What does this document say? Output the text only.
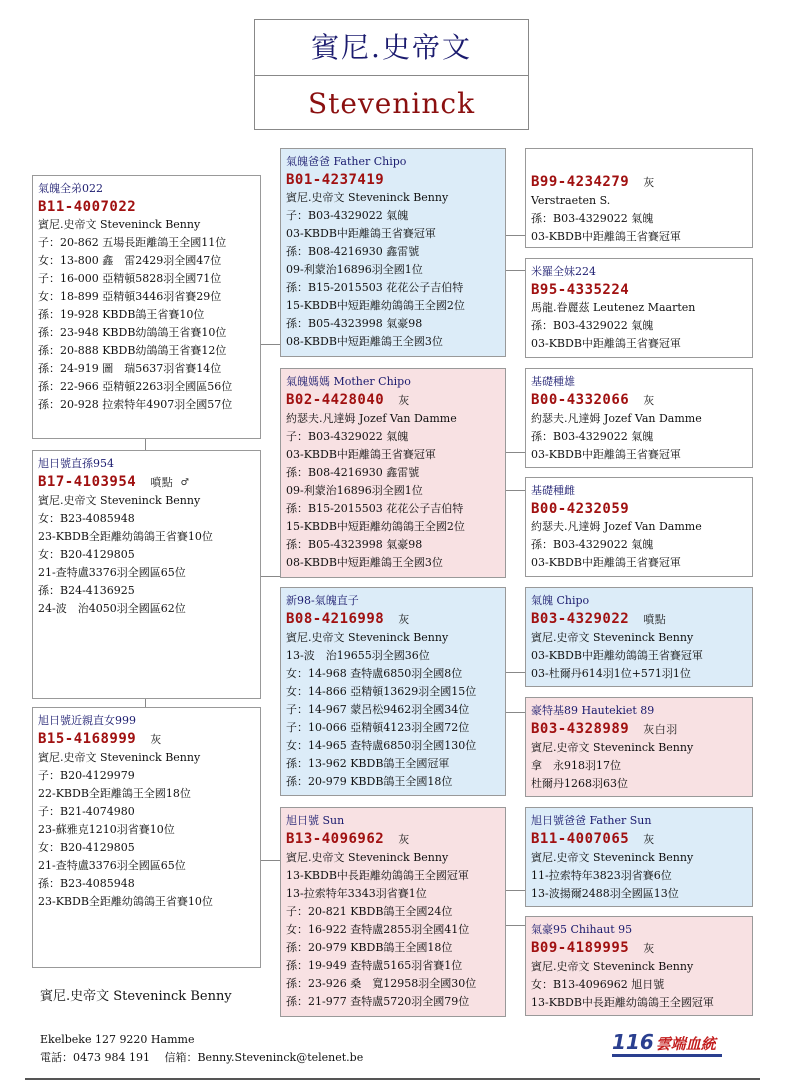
賓尼.史帝文
Steveninck
氣魄全弟022
B11-4007022
賓尼.史帝文 Steveninck Benny
子：20-862 五場長距離鴿王全國11位
女：13-800 鑫　雷2429羽全國47位
子：16-000 亞精頓5828羽全國71位
女：18-899 亞精頓3446羽省賽29位
孫：19-928 KBDB鴿王省賽10位
孫：23-948 KBDB幼鴿鴿王省賽10位
孫：20-888 KBDB幼鴿鴿王省賽12位
孫：24-919 圖　瑞5637羽省賽14位
孫：22-966 亞精頓2263羽全國區56位
孫：20-928 拉索特年4907羽全國57位
旭日號直孫954
B17-4103954 噴點 ♂
賓尼.史帝文 Steveninck Benny
女：B23-4085948
23-KBDB全距離幼鴿鴿王省賽10位
女：B20-4129805
21-查特盧3376羽全國區65位
孫：B24-4136925
24-波　治4050羽全國區62位
旭日號近親直女999
B15-4168999 灰
賓尼.史帝文 Steveninck Benny
子：B20-4129979
22-KBDB全距離鴿王全國18位
子：B21-4074980
23-蘇雅克1210羽省賽10位
女：B20-4129805
21-查特盧3376羽全國區65位
孫：B23-4085948
23-KBDB全距離幼鴿鴿王省賽10位
氣魄爸爸 Father Chipo
B01-4237419
賓尼.史帝文 Steveninck Benny
子：B03-4329022 氣魄
03-KBDB中距離鴿王省賽冠軍
孫：B08-4216930 鑫雷號
09-利蒙治16896羽全國1位
孫：B15-2015503 花花公子吉伯特
15-KBDB中短距離幼鴿鴿王全國2位
孫：B05-4323998 氣豪98
08-KBDB中短距離鴿王全國3位
氣魄媽媽 Mother Chipo
B02-4428040 灰
約瑟夫.凡達姆 Jozef Van Damme
子：B03-4329022 氣魄
03-KBDB中距離鴿王省賽冠軍
孫：B08-4216930 鑫雷號
09-利蒙治16896羽全國1位
孫：B15-2015503 花花公子吉伯特
15-KBDB中短距離幼鴿鴿王全國2位
孫：B05-4323998 氣豪98
08-KBDB中短距離鴿王全國3位
新98-氣魄直子
B08-4216998 灰
賓尼.史帝文 Steveninck Benny
13-波　治19655羽全國36位
女：14-968 查特盧6850羽全國8位
女：14-866 亞精頓13629羽全國15位
子：14-967 蒙呂松9462羽全國34位
子：10-066 亞精頓4123羽全國72位
女：14-965 查特盧6850羽全國130位
孫：13-962 KBDB鴿王全國冠軍
孫：20-979 KBDB鴿王全國18位
旭日號 Sun
B13-4096962 灰
賓尼.史帝文 Steveninck Benny
13-KBDB中長距離幼鴿鴿王全國冠軍
13-拉索特年3343羽省賽1位
子：20-821 KBDB鴿王全國24位
女：16-922 查特盧2855羽全國41位
孫：20-979 KBDB鴿王全國18位
孫：19-949 查特盧5165羽省賽1位
孫：23-926 桑　寬12958羽全國30位
孫：21-977 查特盧5720羽全國79位
B99-4234279 灰
Verstraeten S.
孫：B03-4329022 氣魄
03-KBDB中距離鴿王省賽冠軍
米羅全妹224
B95-4335224
馬龍.眷麗茲 Leutenez Maarten
孫：B03-4329022 氣魄
03-KBDB中距離鴿王省賽冠軍
基礎種雄
B00-4332066 灰
約瑟夫.凡達姆 Jozef Van Damme
孫：B03-4329022 氣魄
03-KBDB中距離鴿王省賽冠軍
基礎種雌
B00-4232059
約瑟夫.凡達姆 Jozef Van Damme
孫：B03-4329022 氣魄
03-KBDB中距離鴿王省賽冠軍
氣魄 Chipo
B03-4329022 噴點
賓尼.史帝文 Steveninck Benny
03-KBDB中距離幼鴿鴿王省賽冠軍
03-杜爾丹614羽1位+571羽1位
豪特基89 Hautekiet 89
B03-4328989 灰白羽
賓尼.史帝文 Steveninck Benny
拿　永918羽17位
杜爾丹1268羽63位
旭日號爸爸 Father Sun
B11-4007065 灰
賓尼.史帝文 Steveninck Benny
11-拉索特年3823羽省賽6位
13-波揚爾2488羽全國區13位
氣豪95 Chihaut 95
B09-4189995 灰
賓尼.史帝文 Steveninck Benny
女：B13-4096962 旭日號
13-KBDB中長距離幼鴿鴿王全國冠軍
賓尼.史帝文 Steveninck Benny
Ekelbeke 127 9220 Hamme
電話：0473 984 191　 信箱：Benny.Steveninck@telenet.be
116 雲端血統
